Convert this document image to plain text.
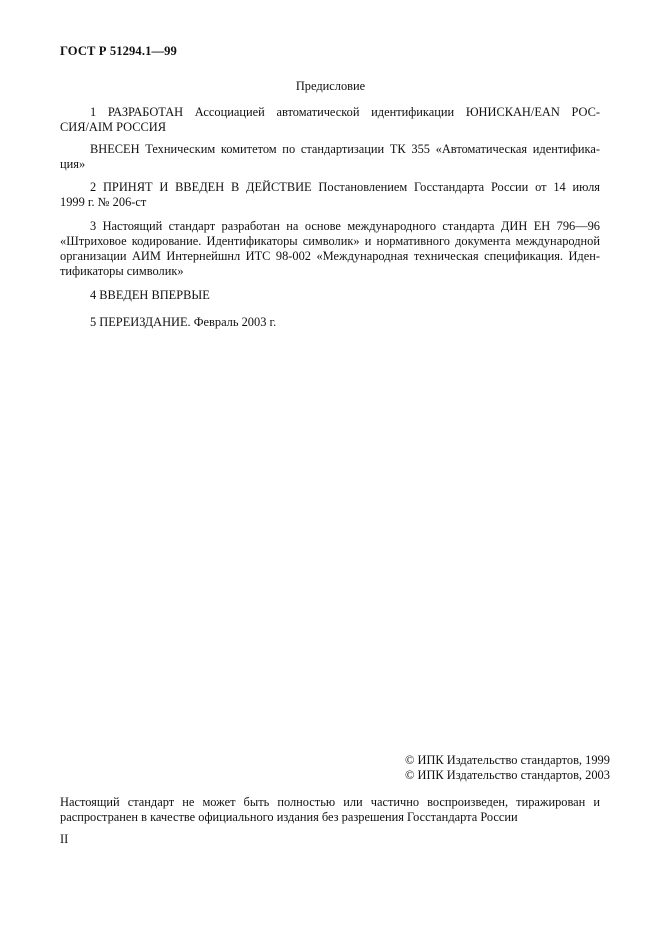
ГОСТ Р 51294.1—99
Предисловие
1 РАЗРАБОТАН Ассоциацией автоматической идентификации ЮНИСКАН/EAN РОС-
СИЯ/AIM РОССИЯ
ВНЕСЕН Техническим комитетом по стандартизации ТК 355 «Автоматическая идентифика-
ция»
2 ПРИНЯТ И ВВЕДЕН В ДЕЙСТВИЕ Постановлением Госстандарта России от 14 июля
1999 г. № 206-ст
3 Настоящий стандарт разработан на основе международного стандарта ДИН ЕН 796—96
«Штриховое кодирование. Идентификаторы символик» и нормативного документа международной
организации АИМ Интернейшнл ИТС 98-002 «Международная техническая спецификация. Иден-
тификаторы символик»
4 ВВЕДЕН ВПЕРВЫЕ
5 ПЕРЕИЗДАНИЕ. Февраль 2003 г.
© ИПК Издательство стандартов, 1999
© ИПК Издательство стандартов, 2003
Настоящий стандарт не может быть полностью или частично воспроизведен, тиражирован и
распространен в качестве официального издания без разрешения Госстандарта России
II
